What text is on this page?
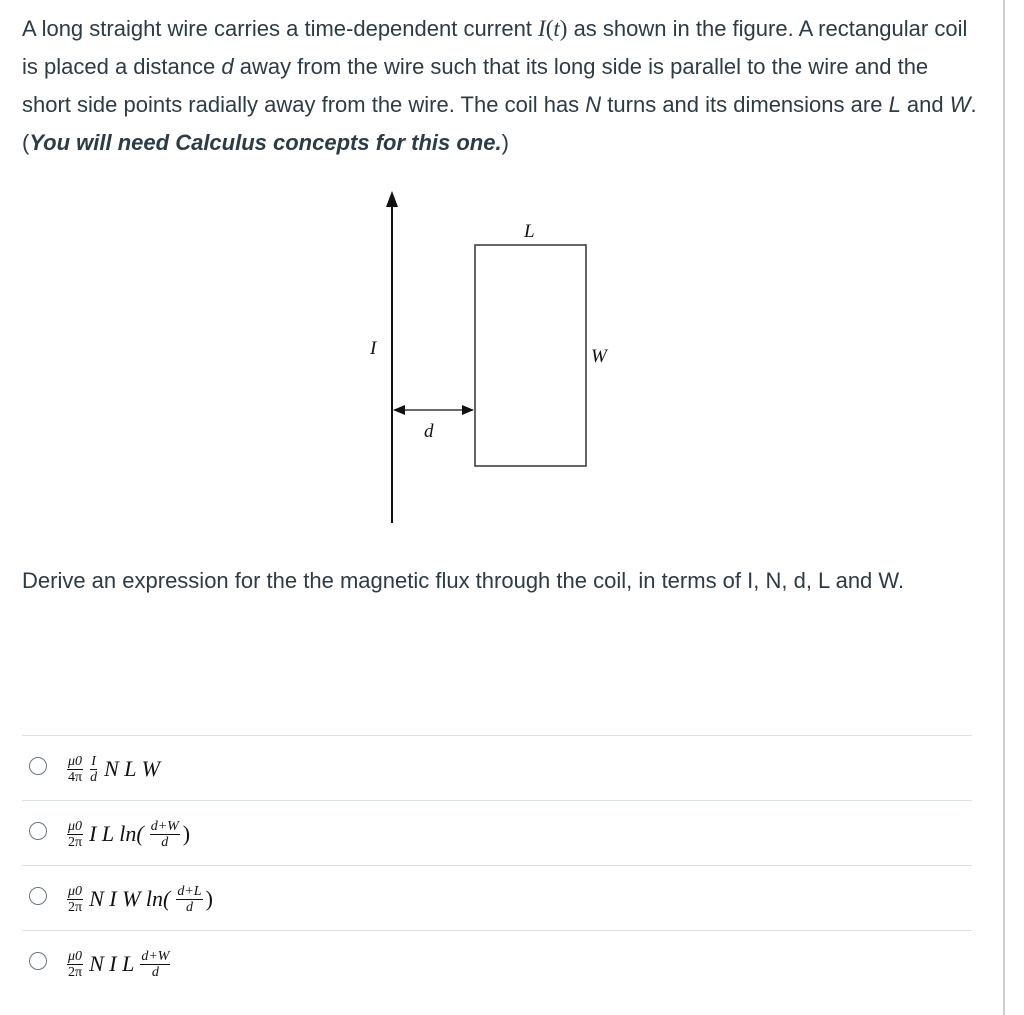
A long straight wire carries a time-dependent current I(t) as shown in the figure. A rectangular coil is placed a distance d away from the wire such that its long side is parallel to the wire and the short side points radially away from the wire. The coil has N turns and its dimensions are L and W. (You will need Calculus concepts for this one.)
L
I	W
d
Derive an expression for the the magnetic flux through the coil, in terms of I, N, d, L and W.
$\frac{\mu 0}{4\pi} \frac{I}{d}$ N L W
$\frac{\mu 0}{2\pi}$ I L $\ln( \frac{d+W}{d}$ )
$\frac{\mu 0}{2\pi}$ N I W $\ln( \frac{d+L}{d}$ )
$\frac{\mu 0}{2\pi}$ N I L $\frac{d+W}{d}$
